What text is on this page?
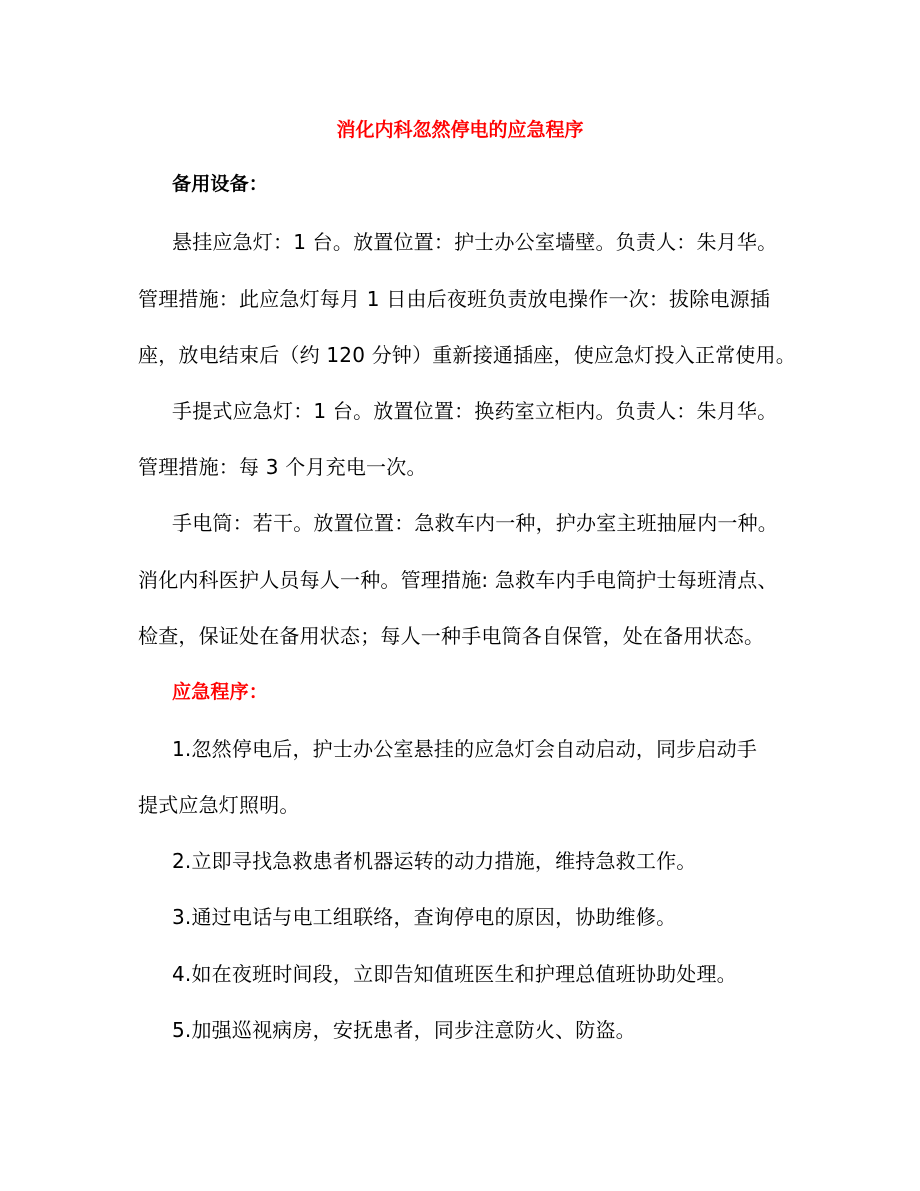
消化内科忽然停电的应急程序
备用设备：
悬挂应急灯：1 台。放置位置：护士办公室墙壁。负责人：朱月华。
管理措施：此应急灯每月 1 日由后夜班负责放电操作一次：拔除电源插
座，放电结束后（约 120 分钟）重新接通插座，使应急灯投入正常使用。
手提式应急灯：1 台。放置位置：换药室立柜内。负责人：朱月华。
管理措施：每 3 个月充电一次。
手电筒：若干。放置位置：急救车内一种，护办室主班抽屉内一种。
消化内科医护人员每人一种。管理措施: 急救车内手电筒护士每班清点、
检查，保证处在备用状态；每人一种手电筒各自保管，处在备用状态。
应急程序：
1.忽然停电后，护士办公室悬挂的应急灯会自动启动，同步启动手
提式应急灯照明。
2.立即寻找急救患者机器运转的动力措施，维持急救工作。
3.通过电话与电工组联络，查询停电的原因，协助维修。
4.如在夜班时间段，立即告知值班医生和护理总值班协助处理。
5.加强巡视病房，安抚患者，同步注意防火、防盗。
